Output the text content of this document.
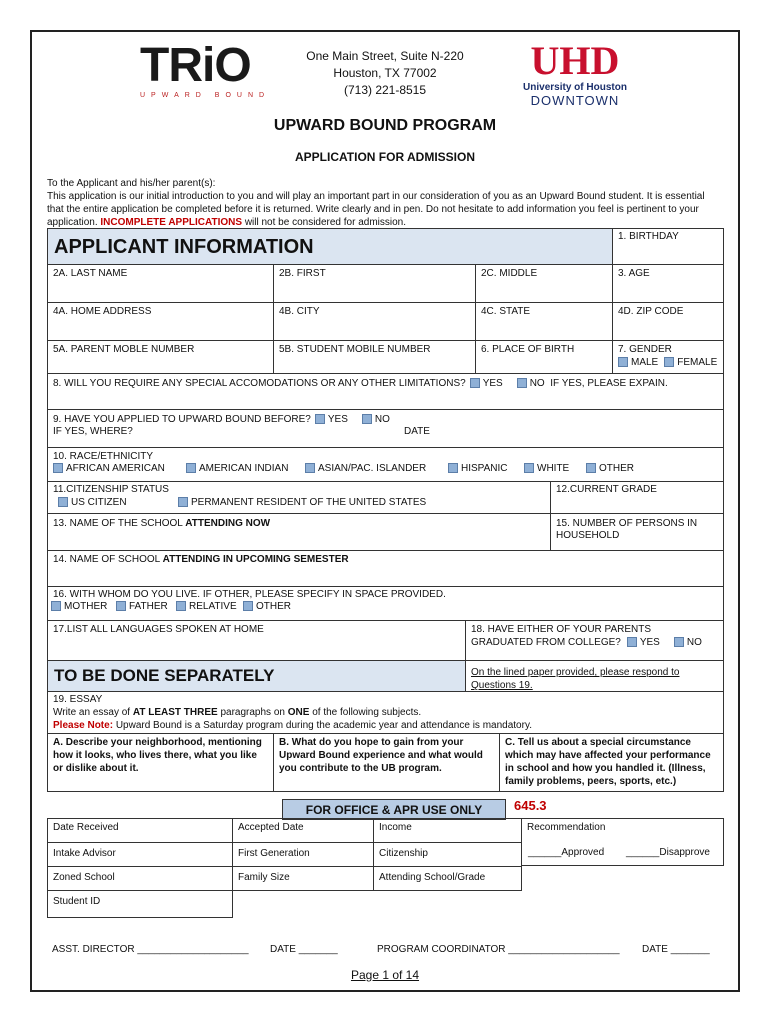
TRiO
UPWARD BOUND
One Main Street, Suite N-220
Houston, TX 77002
(713) 221-8515
UHD
University of Houston
DOWNTOWN
UPWARD BOUND PROGRAM
APPLICATION FOR ADMISSION
To the Applicant and his/her parent(s):
This application is our initial introduction to you and will play an important part in our consideration of you as an Upward Bound student. It is essential
that the entire application be completed before it is returned. Write clearly and in pen. Do not hesitate to add information you feel is pertinent to your
application. INCOMPLETE APPLICATIONS will not be considered for admission.
APPLICANT INFORMATION	1. BIRTHDAY
2A. LAST NAME	2B. FIRST	2C. MIDDLE	3. AGE
4A. HOME ADDRESS	4B. CITY	4C. STATE	4D. ZIP CODE
5A. PARENT MOBLE NUMBER	5B. STUDENT MOBILE NUMBER	6. PLACE OF BIRTH	7. GENDER
MALE FEMALE
8. WILL YOU REQUIRE ANY SPECIAL ACCOMODATIONS OR ANY OTHER LIMITATIONS? YES	NO IF YES, PLEASE EXPAIN.
9. HAVE YOU APPLIED TO UPWARD BOUND BEFORE? YES	NO
IF YES, WHERE?	DATE
10. RACE/ETHNICITY
AFRICAN AMERICAN	AMERICAN INDIAN	ASIAN/PAC. ISLANDER	HISPANIC	WHITE	OTHER
11.CITIZENSHIP STATUS
US CITIZEN	PERMANENT RESIDENT OF THE UNITED STATES
12.CURRENT GRADE
13. NAME OF THE SCHOOL ATTENDING NOW	15. NUMBER OF PERSONS IN
HOUSEHOLD
14. NAME OF SCHOOL ATTENDING IN UPCOMING SEMESTER
16. WITH WHOM DO YOU LIVE. IF OTHER, PLEASE SPECIFY IN SPACE PROVIDED.
MOTHER	FATHER	RELATIVE	OTHER
17.LIST ALL LANGUAGES SPOKEN AT HOME	18. HAVE EITHER OF YOUR PARENTS
GRADUATED FROM COLLEGE? YES	NO
TO BE DONE SEPARATELY	On the lined paper provided, please respond to
Questions 19.
19. ESSAY
Write an essay of AT LEAST THREE paragraphs on ONE of the following subjects.
Please Note: Upward Bound is a Saturday program during the academic year and attendance is mandatory.
A. Describe your neighborhood, mentioning
how it looks, who lives there, what you like
or dislike about it.
B. What do you hope to gain from your
Upward Bound experience and what would
you contribute to the UB program.
C. Tell us about a special circumstance
which may have affected your performance
in school and how you handled it. (Illness,
family problems, peers, sports, etc.)
FOR OFFICE & APR USE ONLY	645.3
Date Received	Accepted Date	Income	Recommendation
______Approved ______Disapprove
Intake Advisor	First Generation	Citizenship
Zoned School	Family Size	Attending School/Grade
Student ID
ASST. DIRECTOR ____________________ DATE _______	PROGRAM COORDINATOR ____________________ DATE _______
Page 1 of 14
